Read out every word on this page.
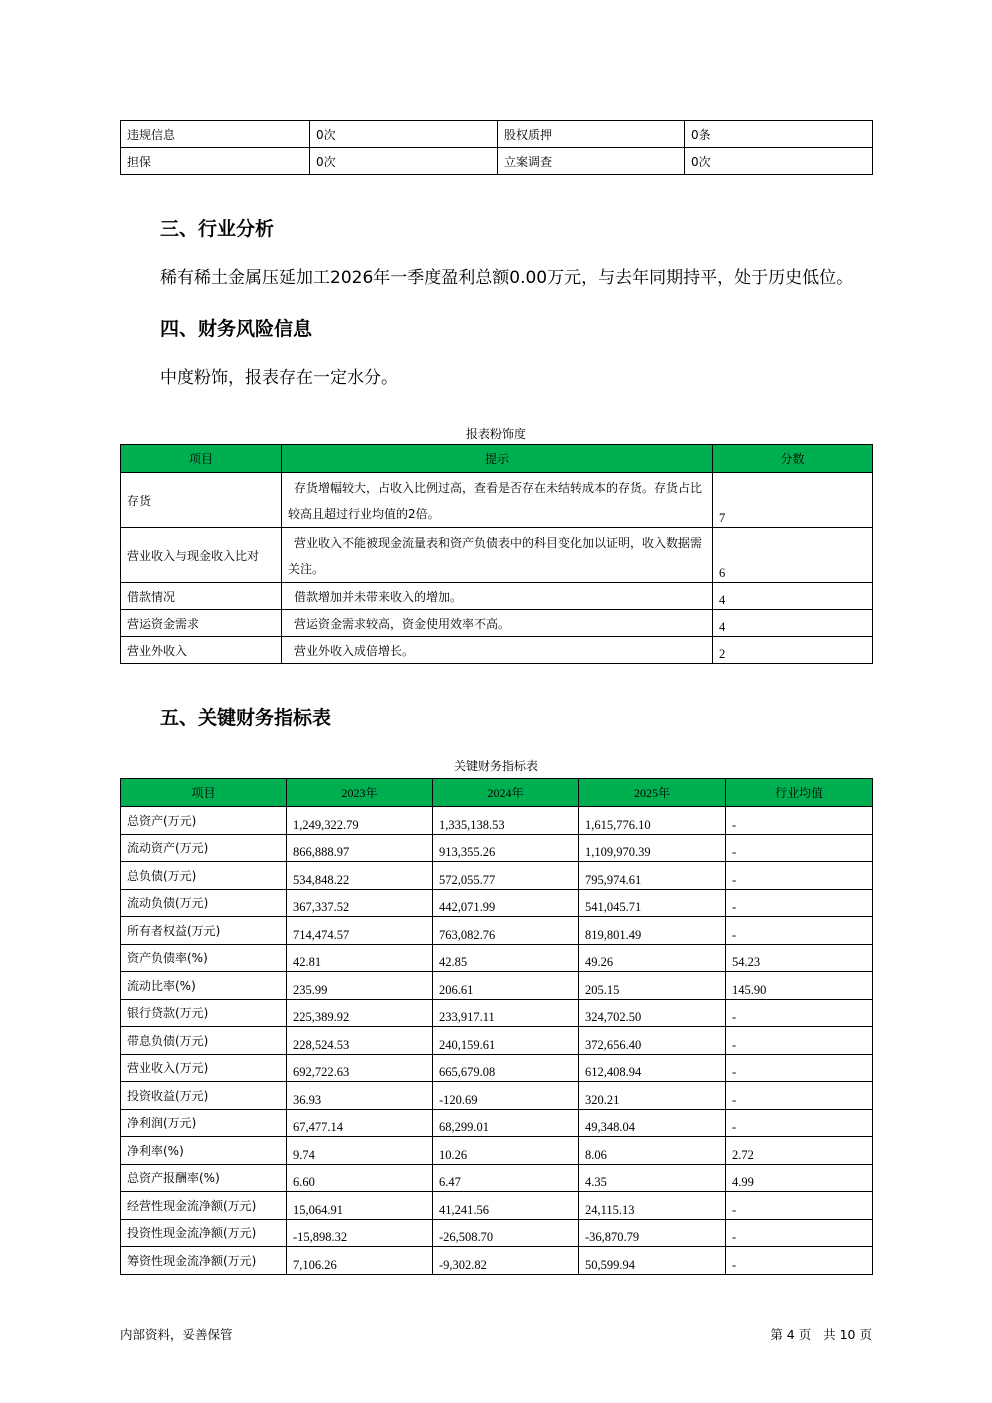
违规信息	0次	股权质押	0条
担保	0次	立案调查	0次
三、行业分析

稀有稀土金属压延加工2026年一季度盈利总额0.00万元，与去年同期持平，处于历史低位。

四、财务风险信息

中度粉饰，报表存在一定水分。

报表粉饰度

项目	提示	分数
存货	存货增幅较大，占收入比例过高，查看是否存在未结转成本的存货。存货占比较高且超过行业均值的2倍。	7
营业收入与现金收入比对	营业收入不能被现金流量表和资产负债表中的科目变化加以证明，收入数据需关注。	6
借款情况	借款增加并未带来收入的增加。	4
营运资金需求	营运资金需求较高，资金使用效率不高。	4
营业外收入	营业外收入成倍增长。	2
五、关键财务指标表

关键财务指标表

项目	2023年	2024年	2025年	行业均值
总资产(万元)	1,249,322.79	1,335,138.53	1,615,776.10	-
流动资产(万元)	866,888.97	913,355.26	1,109,970.39	-
总负债(万元)	534,848.22	572,055.77	795,974.61	-
流动负债(万元)	367,337.52	442,071.99	541,045.71	-
所有者权益(万元)	714,474.57	763,082.76	819,801.49	-
资产负债率(%)	42.81	42.85	49.26	54.23
流动比率(%)	235.99	206.61	205.15	145.90
银行贷款(万元)	225,389.92	233,917.11	324,702.50	-
带息负债(万元)	228,524.53	240,159.61	372,656.40	-
营业收入(万元)	692,722.63	665,679.08	612,408.94	-
投资收益(万元)	36.93	-120.69	320.21	-
净利润(万元)	67,477.14	68,299.01	49,348.04	-
净利率(%)	9.74	10.26	8.06	2.72
总资产报酬率(%)	6.60	6.47	4.35	4.99
经营性现金流净额(万元)	15,064.91	41,241.56	24,115.13	-
投资性现金流净额(万元)	-15,898.32	-26,508.70	-36,870.79	-
筹资性现金流净额(万元)	7,106.26	-9,302.82	50,599.94	-
内部资料，妥善保管	第 4 页   共 10 页
